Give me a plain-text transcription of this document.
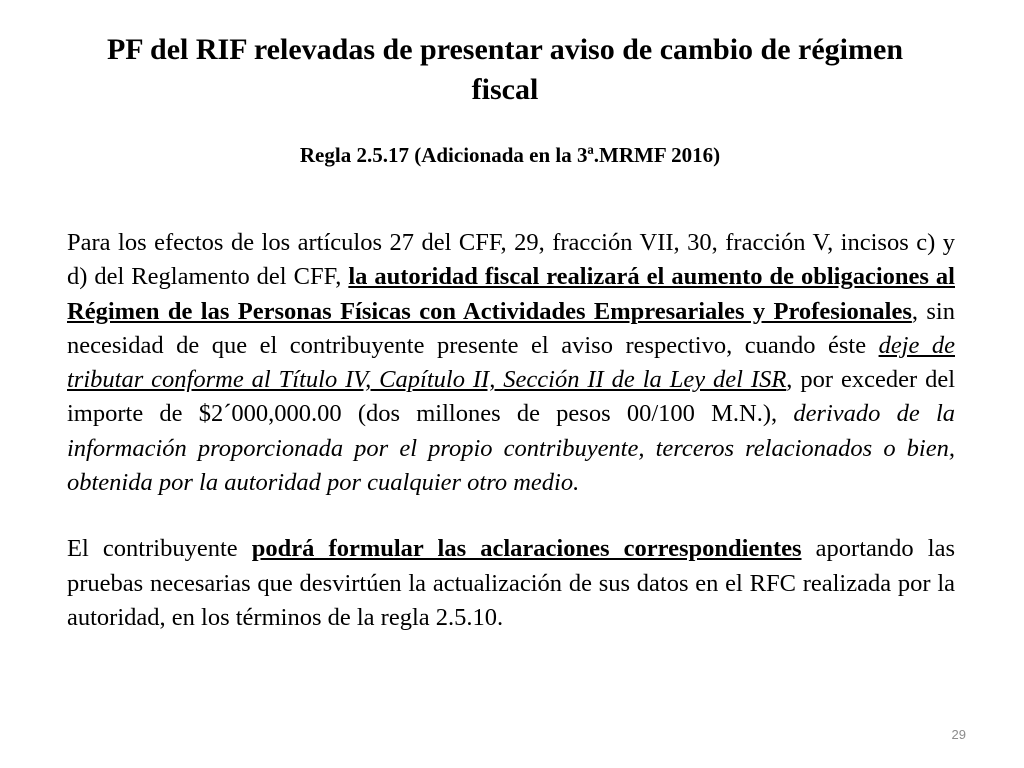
PF del RIF relevadas de presentar aviso de cambio de régimen fiscal
Regla 2.5.17 (Adicionada en la 3ª.MRMF 2016)

Para los efectos de los artículos 27 del CFF, 29, fracción VII, 30, fracción V, incisos c) y d) del Reglamento del CFF, la autoridad fiscal realizará el aumento de obligaciones al Régimen de las Personas Físicas con Actividades Empresariales y Profesionales, sin necesidad de que el contribuyente presente el aviso respectivo, cuando éste deje de tributar conforme al Título IV, Capítulo II, Sección II de la Ley del ISR, por exceder del importe de $2´000,000.00 (dos millones de pesos 00/100 M.N.), derivado de la información proporcionada por el propio contribuyente, terceros relacionados o bien, obtenida por la autoridad por cualquier otro medio.

El contribuyente podrá formular las aclaraciones correspondientes aportando las pruebas necesarias que desvirtúen la actualización de sus datos en el RFC realizada por la autoridad, en los términos de la regla 2.5.10.

29
